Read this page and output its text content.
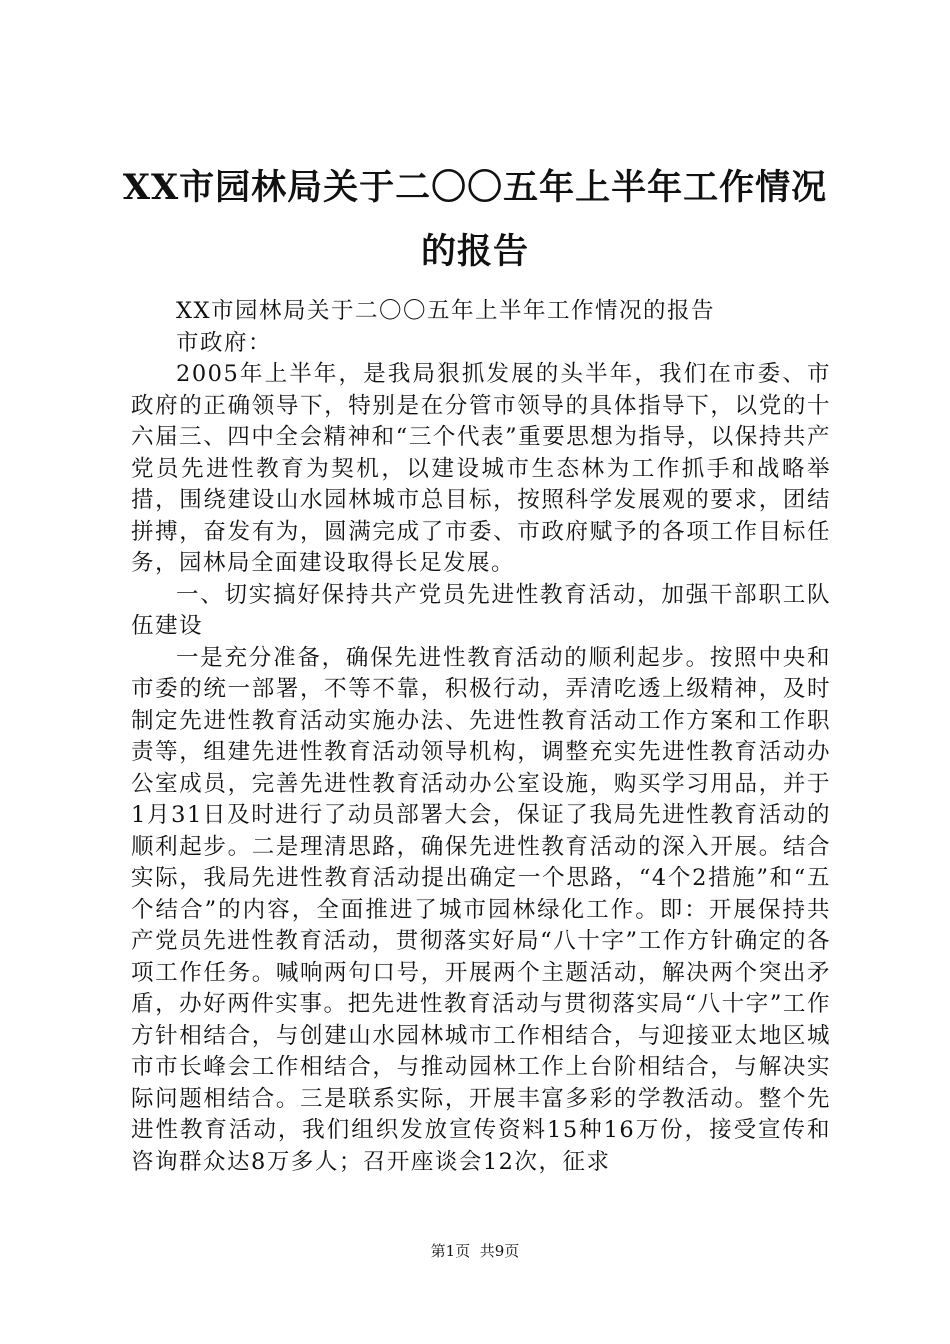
XX市园林局关于二〇〇五年上半年工作情况
的报告

XX市园林局关于二〇〇五年上半年工作情况的报告

市政府：

2005年上半年，是我局狠抓发展的头半年，我们在市委、市政府的正确领导下，特别是在分管市领导的具体指导下，以党的十六届三、四中全会精神和“三个代表”重要思想为指导，以保持共产党员先进性教育为契机，以建设城市生态林为工作抓手和战略举措，围绕建设山水园林城市总目标，按照科学发展观的要求，团结拼搏，奋发有为，圆满完成了市委、市政府赋予的各项工作目标任务，园林局全面建设取得长足发展。

一、切实搞好保持共产党员先进性教育活动，加强干部职工队伍建设

一是充分准备，确保先进性教育活动的顺利起步。按照中央和市委的统一部署，不等不靠，积极行动，弄清吃透上级精神，及时制定先进性教育活动实施办法、先进性教育活动工作方案和工作职责等，组建先进性教育活动领导机构，调整充实先进性教育活动办公室成员，完善先进性教育活动办公室设施，购买学习用品，并于1月31日及时进行了动员部署大会，保证了我局先进性教育活动的顺利起步。二是理清思路，确保先进性教育活动的深入开展。结合实际，我局先进性教育活动提出确定一个思路，“4个2措施”和“五个结合”的内容，全面推进了城市园林绿化工作。即：开展保持共产党员先进性教育活动，贯彻落实好局“八十字”工作方针确定的各项工作任务。喊响两句口号，开展两个主题活动，解决两个突出矛盾，办好两件实事。把先进性教育活动与贯彻落实局“八十字”工作方针相结合，与创建山水园林城市工作相结合，与迎接亚太地区城市市长峰会工作相结合，与推动园林工作上台阶相结合，与解决实际问题相结合。三是联系实际，开展丰富多彩的学教活动。整个先进性教育活动，我们组织发放宣传资料15种16万份，接受宣传和咨询群众达8万多人；召开座谈会12次，征求

第1页 共9页
